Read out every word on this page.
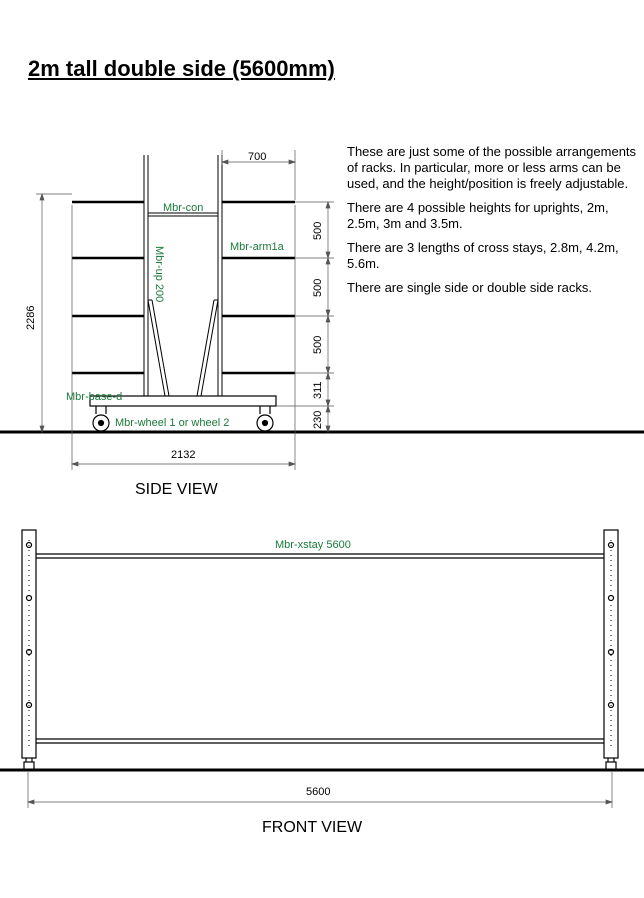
2m tall double side (5600mm)

These are just some of the possible arrangements of racks. In particular, more or less arms can be used, and the height/position is freely adjustable.

There are 4 possible heights for uprights, 2m, 2.5m, 3m and 3.5m.

There are 3 lengths of cross stays, 2.8m, 4.2m, 5.6m.

There are single side or double side racks.

SIDE VIEW
FRONT VIEW
700
2286
2132
500
500
500
311
230
Mbr-con
Mbr-arm1a
Mbr-up 200
Mbr-base-d
Mbr-wheel 1 or wheel 2
5600
Mbr-xstay 5600
